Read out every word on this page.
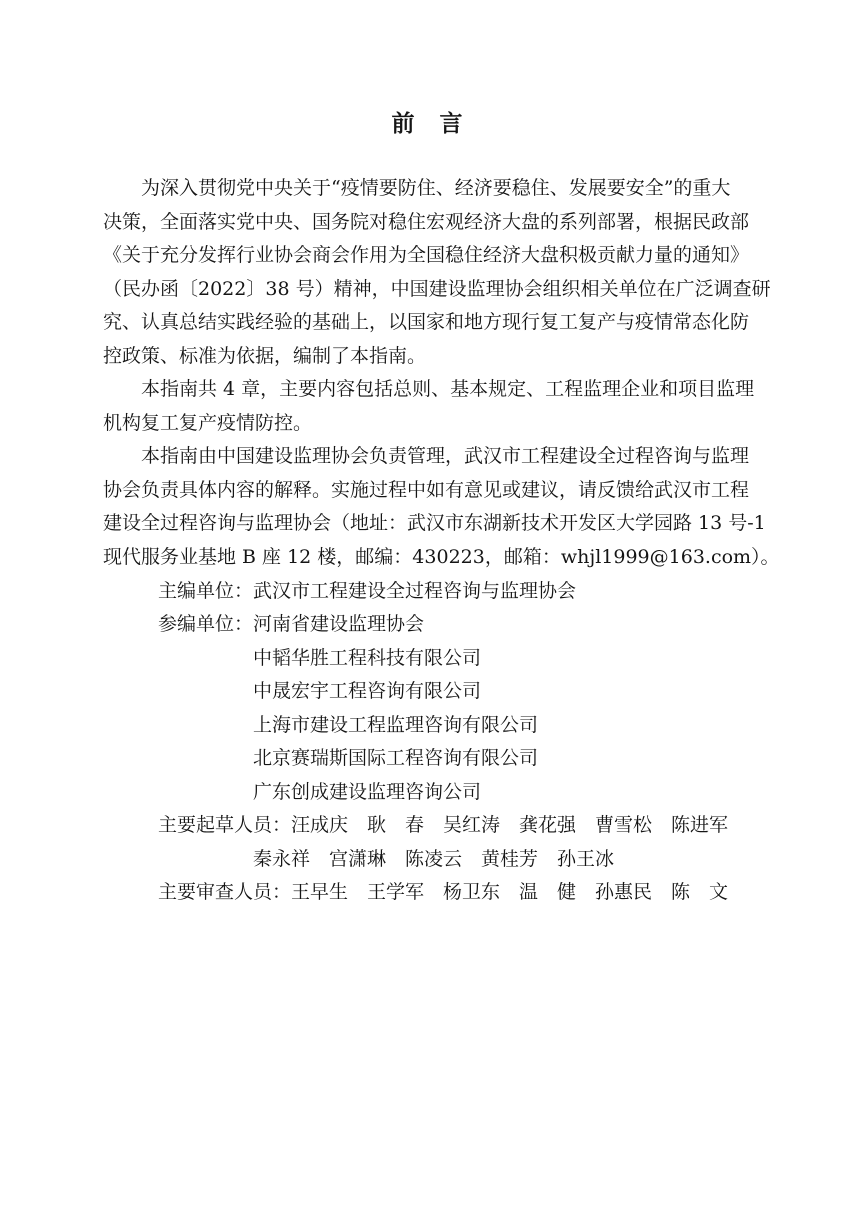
前　言
为深入贯彻党中央关于“疫情要防住、经济要稳住、发展要安全”的重大
决策，全面落实党中央、国务院对稳住宏观经济大盘的系列部署，根据民政部
《关于充分发挥行业协会商会作用为全国稳住经济大盘积极贡献力量的通知》
（民办函〔2022〕38 号）精神，中国建设监理协会组织相关单位在广泛调查研
究、认真总结实践经验的基础上，以国家和地方现行复工复产与疫情常态化防
控政策、标准为依据，编制了本指南。
本指南共 4 章，主要内容包括总则、基本规定、工程监理企业和项目监理
机构复工复产疫情防控。
本指南由中国建设监理协会负责管理，武汉市工程建设全过程咨询与监理
协会负责具体内容的解释。实施过程中如有意见或建议，请反馈给武汉市工程
建设全过程咨询与监理协会（地址：武汉市东湖新技术开发区大学园路 13 号-1
现代服务业基地 B 座 12 楼，邮编：430223，邮箱：whjl1999@163.com）。
主编单位：武汉市工程建设全过程咨询与监理协会
参编单位：河南省建设监理协会
中韬华胜工程科技有限公司
中晟宏宇工程咨询有限公司
上海市建设工程监理咨询有限公司
北京赛瑞斯国际工程咨询有限公司
广东创成建设监理咨询公司
主要起草人员：汪成庆　耿　春　吴红涛　龚花强　曹雪松　陈进军
秦永祥　宫潇琳　陈凌云　黄桂芳　孙王冰
主要审查人员：王早生　王学军　杨卫东　温　健　孙惠民　陈　文
